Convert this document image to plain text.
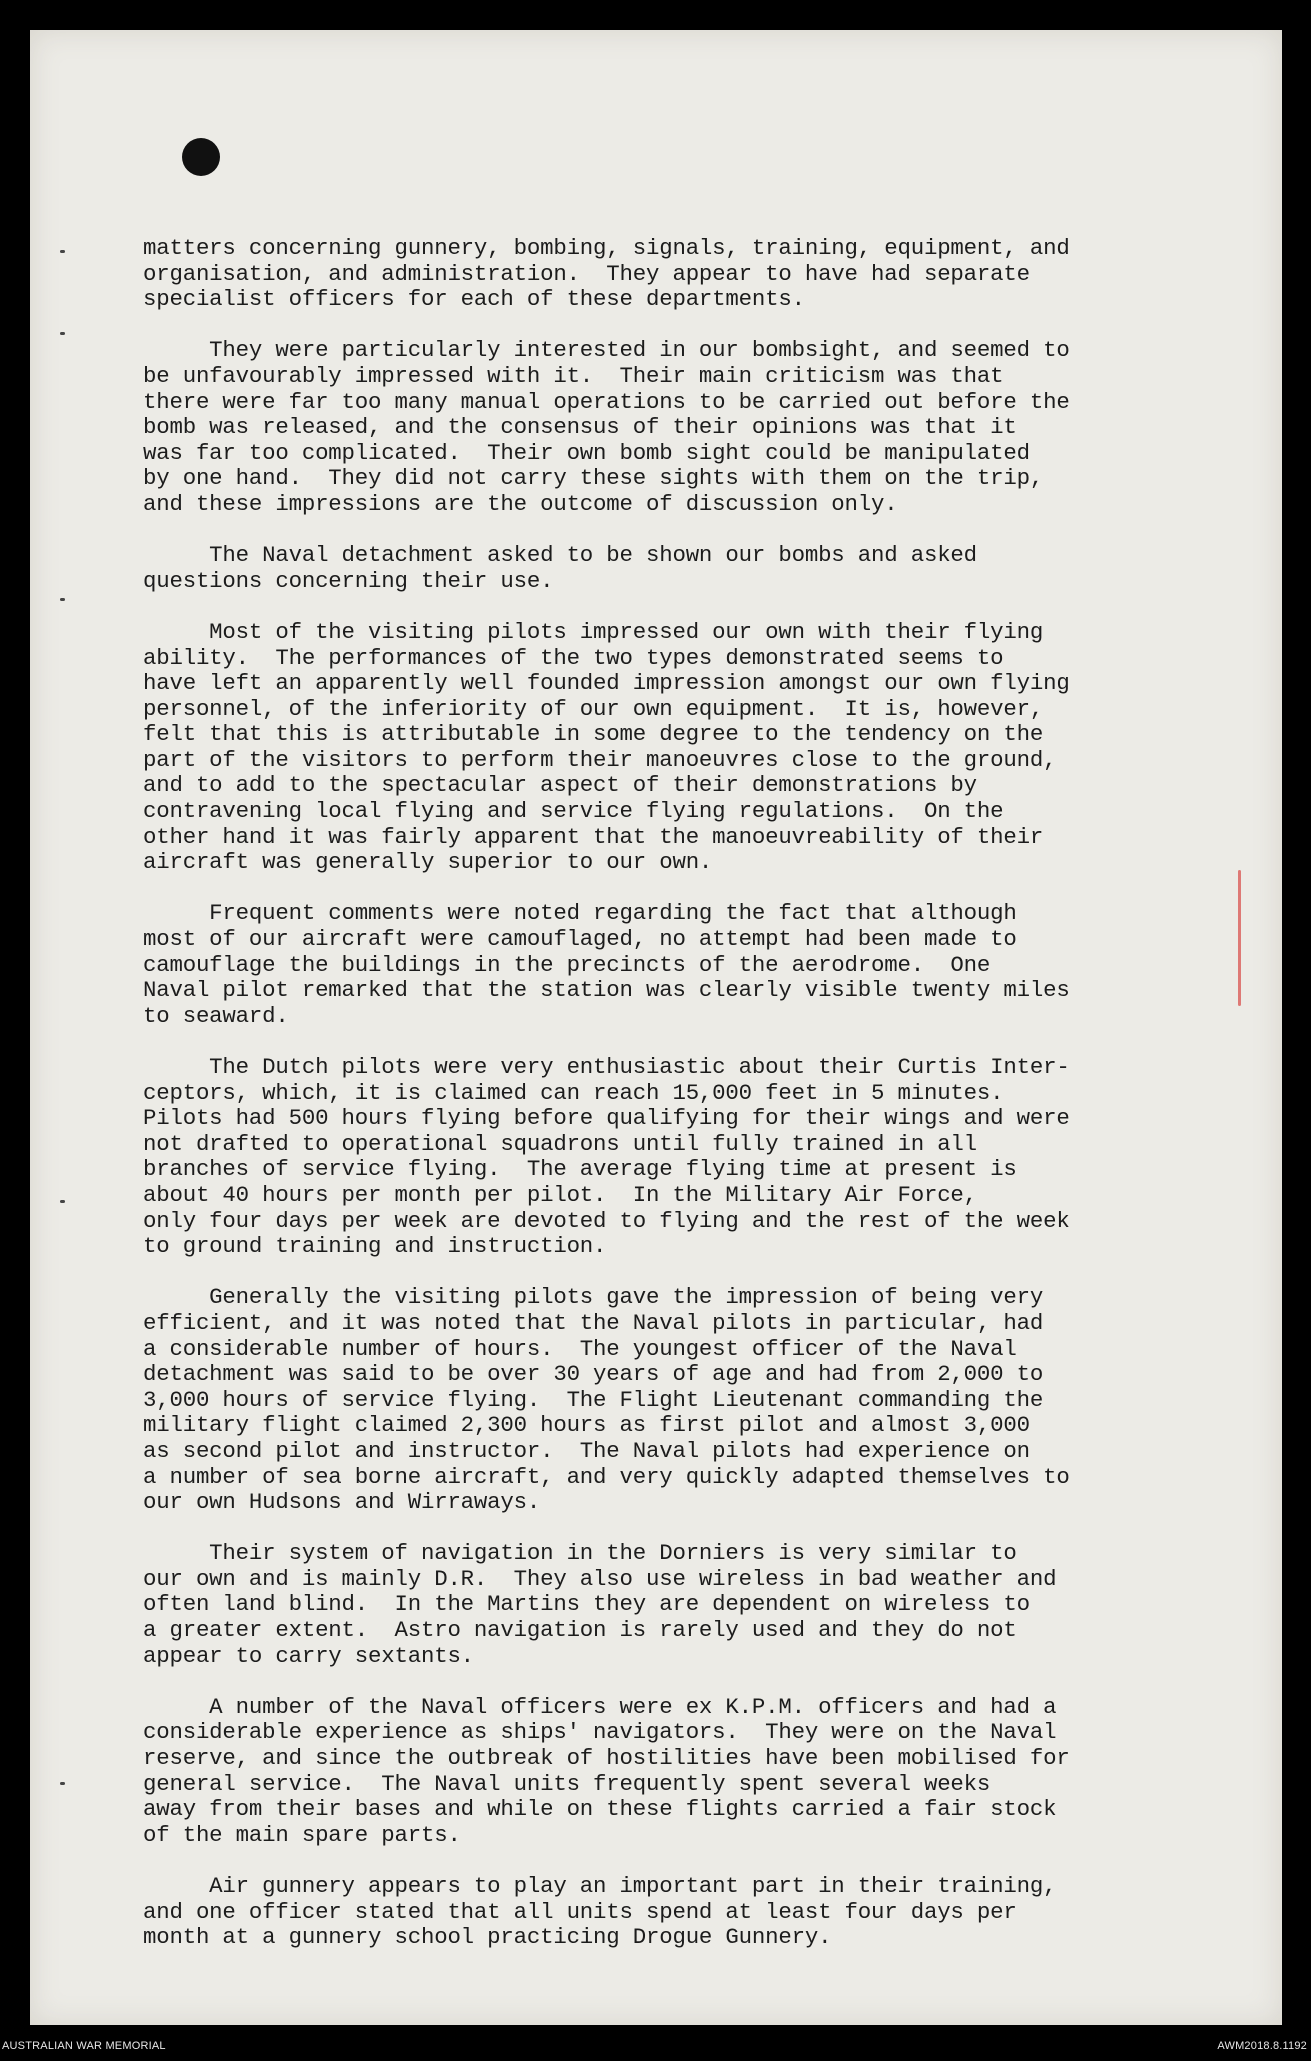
matters concerning gunnery, bombing, signals, training, equipment, and
organisation, and administration.  They appear to have had separate
specialist officers for each of these departments.
They were particularly interested in our bombsight, and seemed to
be unfavourably impressed with it.  Their main criticism was that
there were far too many manual operations to be carried out before the
bomb was released, and the consensus of their opinions was that it
was far too complicated.  Their own bomb sight could be manipulated
by one hand.  They did not carry these sights with them on the trip,
and these impressions are the outcome of discussion only.
The Naval detachment asked to be shown our bombs and asked
questions concerning their use.
Most of the visiting pilots impressed our own with their flying
ability.  The performances of the two types demonstrated seems to
have left an apparently well founded impression amongst our own flying
personnel, of the inferiority of our own equipment.  It is, however,
felt that this is attributable in some degree to the tendency on the
part of the visitors to perform their manoeuvres close to the ground,
and to add to the spectacular aspect of their demonstrations by
contravening local flying and service flying regulations.  On the
other hand it was fairly apparent that the manoeuvreability of their
aircraft was generally superior to our own.
Frequent comments were noted regarding the fact that although
most of our aircraft were camouflaged, no attempt had been made to
camouflage the buildings in the precincts of the aerodrome.  One
Naval pilot remarked that the station was clearly visible twenty miles
to seaward.
The Dutch pilots were very enthusiastic about their Curtis Inter-
ceptors, which, it is claimed can reach 15,000 feet in 5 minutes.
Pilots had 500 hours flying before qualifying for their wings and were
not drafted to operational squadrons until fully trained in all
branches of service flying.  The average flying time at present is
about 40 hours per month per pilot.  In the Military Air Force,
only four days per week are devoted to flying and the rest of the week
to ground training and instruction.
Generally the visiting pilots gave the impression of being very
efficient, and it was noted that the Naval pilots in particular, had
a considerable number of hours.  The youngest officer of the Naval
detachment was said to be over 30 years of age and had from 2,000 to
3,000 hours of service flying.  The Flight Lieutenant commanding the
military flight claimed 2,300 hours as first pilot and almost 3,000
as second pilot and instructor.  The Naval pilots had experience on
a number of sea borne aircraft, and very quickly adapted themselves to
our own Hudsons and Wirraways.
Their system of navigation in the Dorniers is very similar to
our own and is mainly D.R.  They also use wireless in bad weather and
often land blind.  In the Martins they are dependent on wireless to
a greater extent.  Astro navigation is rarely used and they do not
appear to carry sextants.
A number of the Naval officers were ex K.P.M. officers and had a
considerable experience as ships' navigators.  They were on the Naval
reserve, and since the outbreak of hostilities have been mobilised for
general service.  The Naval units frequently spent several weeks
away from their bases and while on these flights carried a fair stock
of the main spare parts.
Air gunnery appears to play an important part in their training,
and one officer stated that all units spend at least four days per
month at a gunnery school practicing Drogue Gunnery.
AUSTRALIAN WAR MEMORIAL	AWM2018.8.1192
